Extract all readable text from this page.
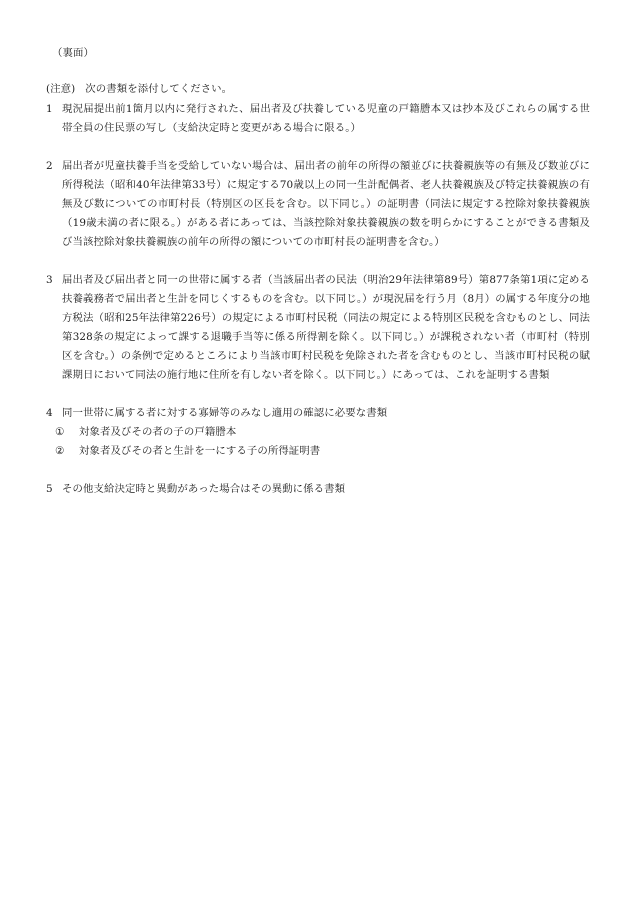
（裏面）
(注意) 次の書類を添付してください。
1 現況届提出前1箇月以内に発行された、届出者及び扶養している児童の戸籍謄本又は抄本及びこれらの属する世帯全員の住民票の写し（支給決定時と変更がある場合に限る。）
2 届出者が児童扶養手当を受給していない場合は、届出者の前年の所得の額並びに扶養親族等の有無及び数並びに所得税法（昭和40年法律第33号）に規定する70歳以上の同一生計配偶者、老人扶養親族及び特定扶養親族の有無及び数についての市町村長（特別区の区長を含む。以下同じ。）の証明書（同法に規定する控除対象扶養親族（19歳未満の者に限る。）がある者にあっては、当該控除対象扶養親族の数を明らかにすることができる書類及び当該控除対象扶養親族の前年の所得の額についての市町村長の証明書を含む。）
3 届出者及び届出者と同一の世帯に属する者（当該届出者の民法（明治29年法律第89号）第877条第1項に定める扶養義務者で届出者と生計を同じくするものを含む。以下同じ。）が現況届を行う月（8月）の属する年度分の地方税法（昭和25年法律第226号）の規定による市町村民税（同法の規定による特別区民税を含むものとし、同法第328条の規定によって課する退職手当等に係る所得割を除く。以下同じ。）が課税されない者（市町村（特別区を含む。）の条例で定めるところにより当該市町村民税を免除された者を含むものとし、当該市町村民税の賦課期日において同法の施行地に住所を有しない者を除く。以下同じ。）にあっては、これを証明する書類
4 同一世帯に属する者に対する寡婦等のみなし適用の確認に必要な書類
①	対象者及びその者の子の戸籍謄本
②	対象者及びその者と生計を一にする子の所得証明書
5 その他支給決定時と異動があった場合はその異動に係る書類
